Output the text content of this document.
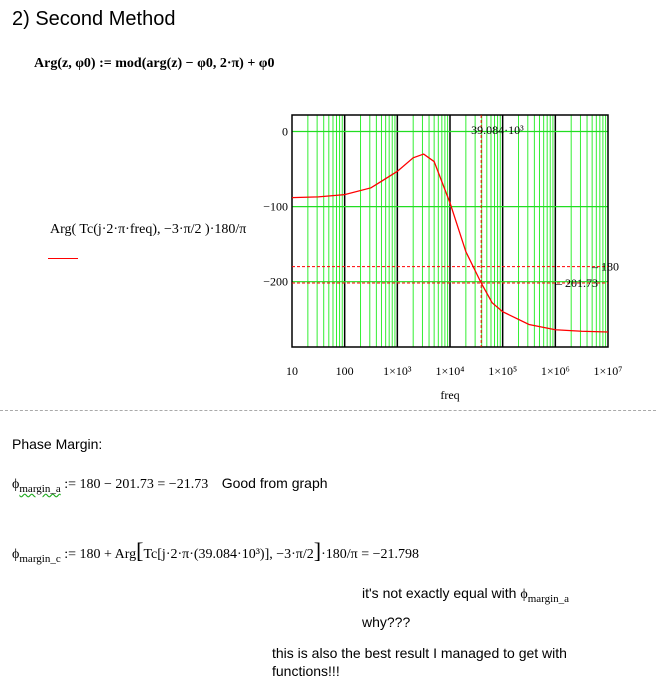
2) Second Method
Arg(z, φ0) := mod(arg(z) − φ0, 2·π) + φ0
Arg( Tc(j·2·π·freq), −3·π/2 )·180/π
0
−100
−200
39.084·10³
– 180
– 201.73
10	100 1×10³ 1×10⁴ 1×10⁵ 1×10⁶ 1×10⁷
freq
Phase Margin:
$\phi_{margin\_a}$ := 180 − 201.73 = −21.73 Good from graph
$\phi_{margin\_c}$ := 180 + Arg[Tc[j·2·π·(39.084·10³)], −3·π/2]·180/π = −21.798
it's not exactly equal with $\phi_{margin\_a}$
why???
this is also the best result I managed to get with
functions!!!
